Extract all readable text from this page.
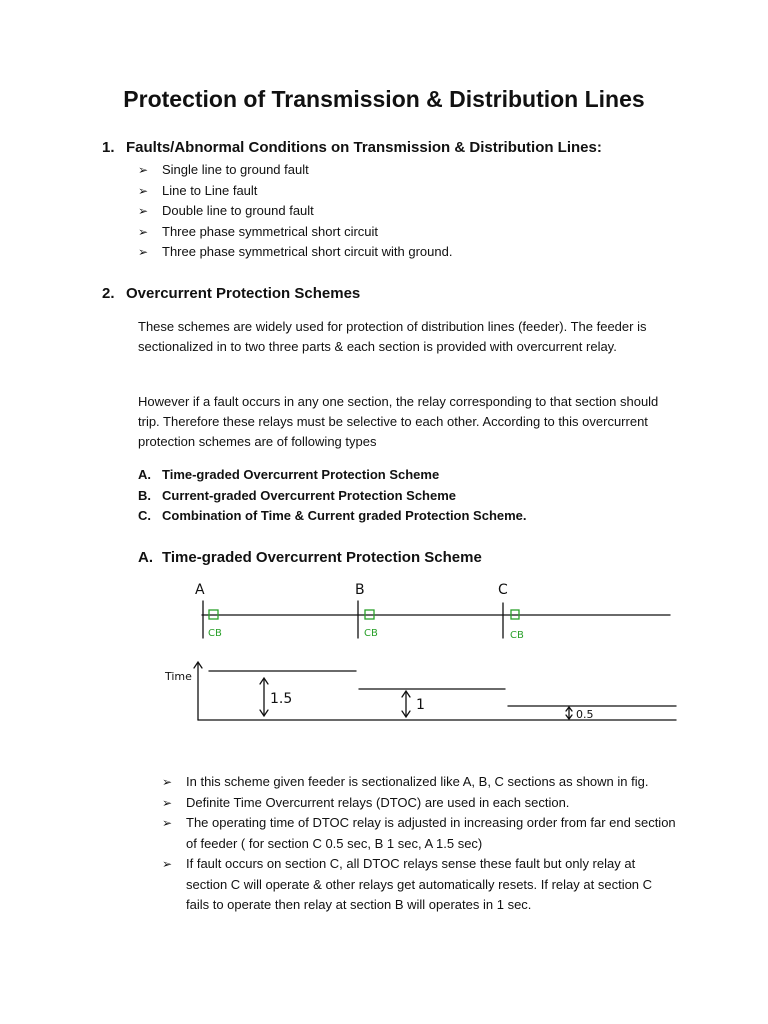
Protection of Transmission & Distribution Lines
1. Faults/Abnormal Conditions on Transmission & Distribution Lines:
➢ Single line to ground fault
➢ Line to Line fault
➢ Double line to ground fault
➢ Three phase symmetrical short circuit
➢ Three phase symmetrical short circuit with ground.
2. Overcurrent Protection Schemes
These schemes are widely used for protection of distribution lines (feeder). The feeder is sectionalized in to two three parts & each section is provided with overcurrent relay.
However if a fault occurs in any one section, the relay corresponding to that section should trip. Therefore these relays must be selective to each other. According to this overcurrent protection schemes are of following types
A. Time-graded Overcurrent Protection Scheme
B. Current-graded Overcurrent Protection Scheme
C. Combination of Time & Current graded Protection Scheme.
A. Time-graded Overcurrent Protection Scheme
A	B	C
CB	CB	CB
Time
1.5	1
0.5
➢	In this scheme given feeder is sectionalized like A, B, C sections as shown in fig.
➢	Definite Time Overcurrent relays (DTOC) are used in each section.
➢	The operating time of DTOC relay is adjusted in increasing order from far end section of feeder ( for section C 0.5 sec, B 1 sec, A 1.5 sec)
➢	If fault occurs on section C, all DTOC relays sense these fault but only relay at section C will operate & other relays get automatically resets. If relay at section C fails to operate then relay at section B will operates in 1 sec.
